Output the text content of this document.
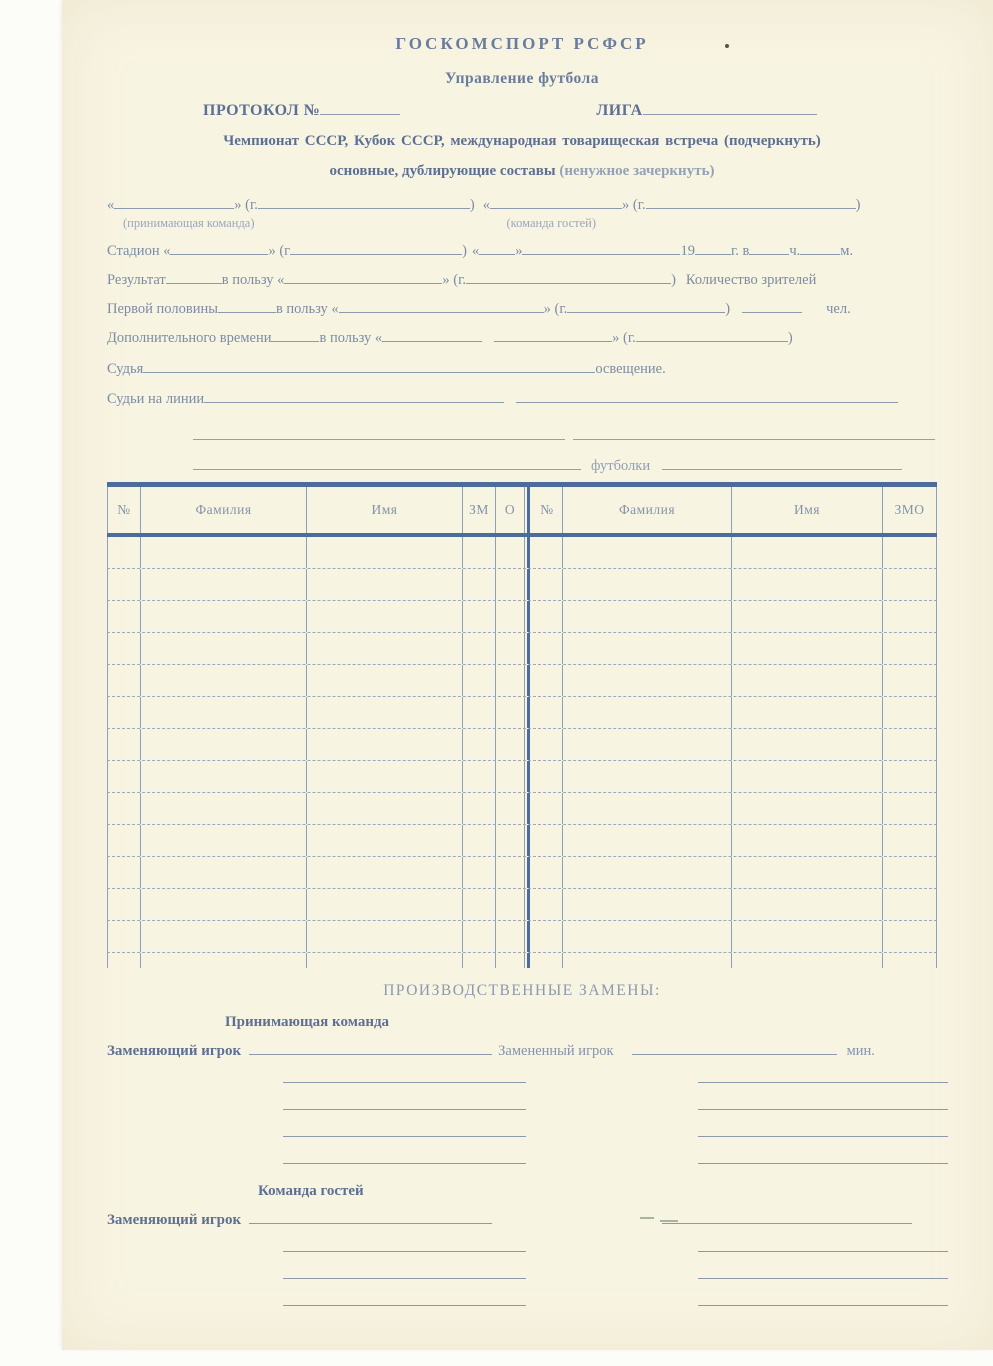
ГОСКОМСПОРТ РСФСР
Управление футбола
ПРОТОКОЛ №	ЛИГА
Чемпионат СССР, Кубок СССР, международная товарищеская встреча (подчеркнуть)
основные, дублирующие составы (ненужное зачеркнуть)
«	» (г.	) «	» (г.	)
(принимающая команда)	(команда гостей)
Стадион «	» (г	) « »	19 г. в	ч.	м.
Результат	в пользу «	» (г.	) Количество зрителей
Первой половины	в пользу «	» (г.	)	чел.
Дополнительного времени	в пользу «	» (г.	)
Судья	освещение.
Судьи на линии
футболки
№	Фамилия	Имя	ЗМ	О	№	Фамилия	Имя	ЗМО
ПРОИЗВОДСТВЕННЫЕ ЗАМЕНЫ:
Принимающая команда
Заменяющий игрок	Замененный игрок	мин.
Команда гостей
Заменяющий игрок
